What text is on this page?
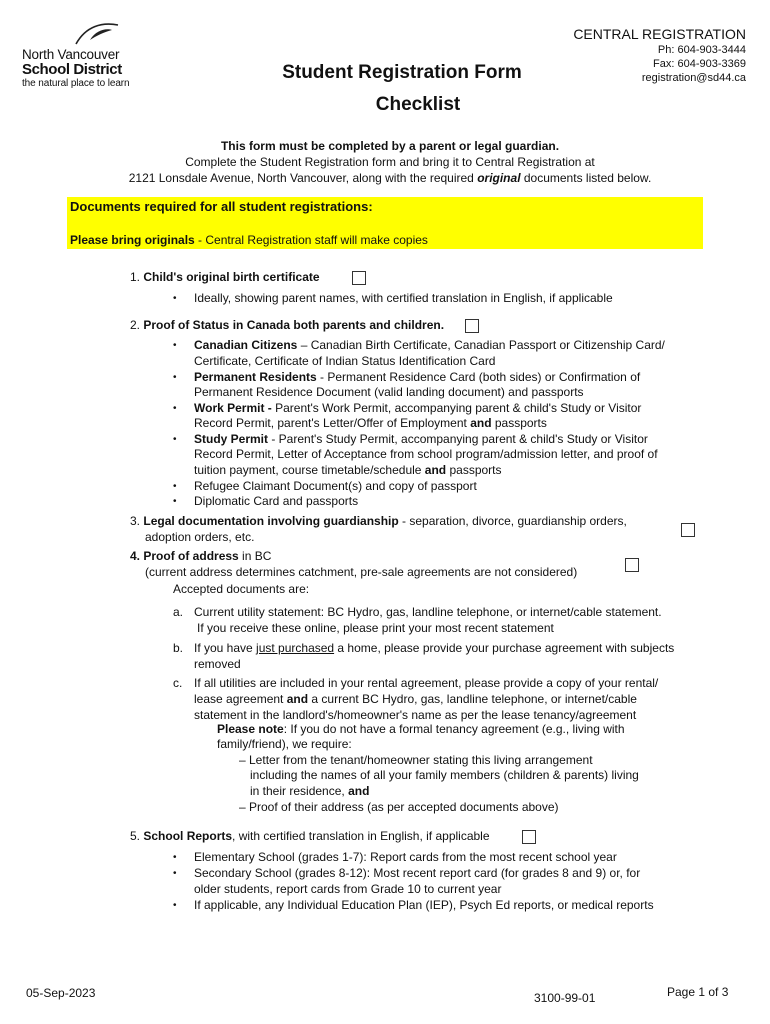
North Vancouver
School District
the natural place to learn
CENTRAL REGISTRATION
Ph: 604-903-3444
Fax: 604-903-3369
registration@sd44.ca
Student Registration Form
Checklist
This form must be completed by a parent or legal guardian.
Complete the Student Registration form and bring it to Central Registration at
2121 Lonsdale Avenue, North Vancouver, along with the required original documents listed below.
Documents required for all student registrations:
Please bring originals - Central Registration staff will make copies
1. Child's original birth certificate
• Ideally, showing parent names, with certified translation in English, if applicable
2. Proof of Status in Canada both parents and children.
• Canadian Citizens – Canadian Birth Certificate, Canadian Passport or Citizenship Card/
Certificate, Certificate of Indian Status Identification Card
• Permanent Residents - Permanent Residence Card (both sides) or Confirmation of
Permanent Residence Document (valid landing document) and passports
• Work Permit - Parent's Work Permit, accompanying parent & child's Study or Visitor
Record Permit, parent's Letter/Offer of Employment and passports
• Study Permit - Parent's Study Permit, accompanying parent & child's Study or Visitor
Record Permit, Letter of Acceptance from school program/admission letter, and proof of
tuition payment, course timetable/schedule and passports
• Refugee Claimant Document(s) and copy of passport
• Diplomatic Card and passports
3. Legal documentation involving guardianship - separation, divorce, guardianship orders,
adoption orders, etc.
4. Proof of address in BC
(current address determines catchment, pre-sale agreements are not considered)
Accepted documents are:
a. Current utility statement: BC Hydro, gas, landline telephone, or internet/cable statement.
If you receive these online, please print your most recent statement
b. If you have just purchased a home, please provide your purchase agreement with subjects
removed
c. If all utilities are included in your rental agreement, please provide a copy of your rental/
lease agreement and a current BC Hydro, gas, landline telephone, or internet/cable
statement in the landlord's/homeowner's name as per the lease tenancy/agreement
Please note: If you do not have a formal tenancy agreement (e.g., living with
family/friend), we require:
– Letter from the tenant/homeowner stating this living arrangement
including the names of all your family members (children & parents) living
in their residence, and
– Proof of their address (as per accepted documents above)
5. School Reports, with certified translation in English, if applicable
• Elementary School (grades 1-7): Report cards from the most recent school year
• Secondary School (grades 8-12): Most recent report card (for grades 8 and 9) or, for
older students, report cards from Grade 10 to current year
• If applicable, any Individual Education Plan (IEP), Psych Ed reports, or medical reports
05-Sep-2023	3100-99-01	Page 1 of 3
